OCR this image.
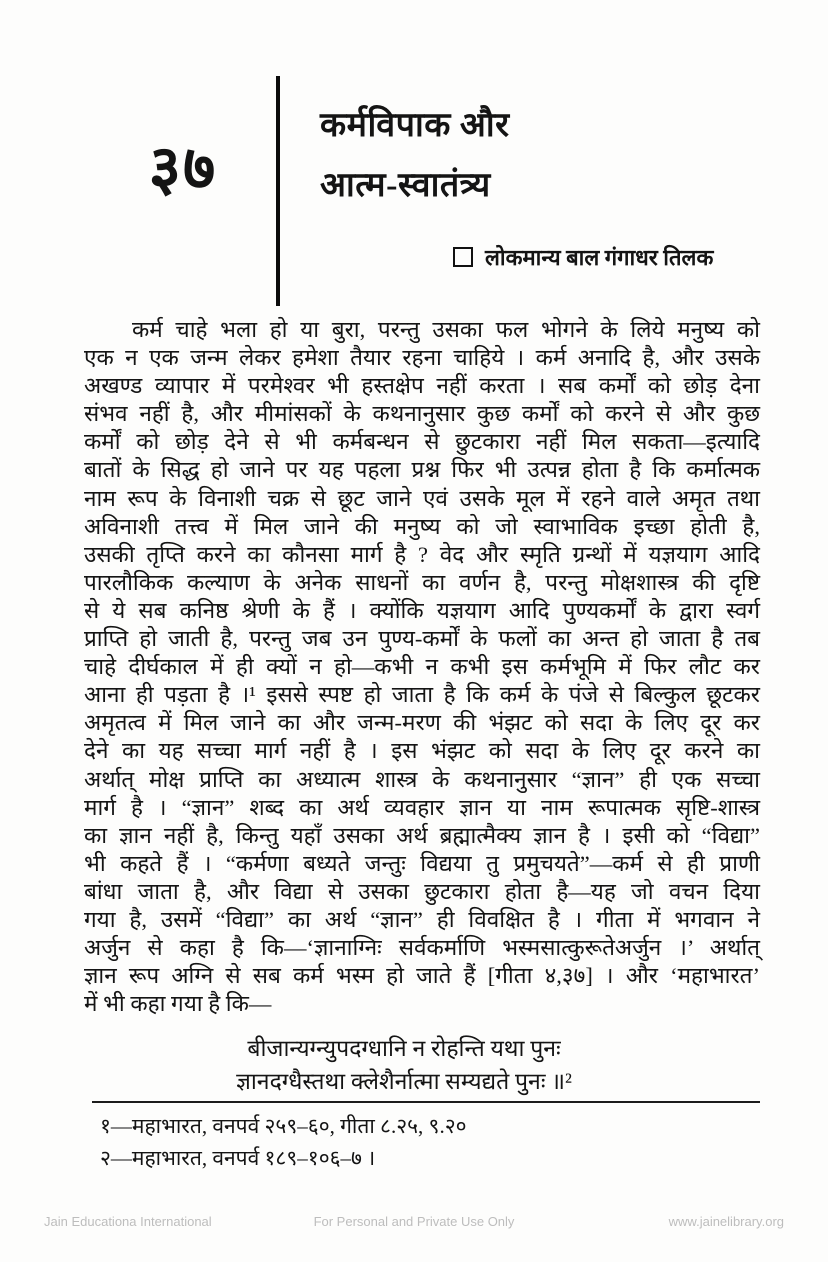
३७
कर्मविपाक और
आत्म-स्वातंत्र्य
लोकमान्य बाल गंगाधर तिलक
कर्म चाहे भला हो या बुरा, परन्तु उसका फल भोगने के लिये मनुष्य को
एक न एक जन्म लेकर हमेशा तैयार रहना चाहिये । कर्म अनादि है, और उसके
अखण्ड व्यापार में परमेश्वर भी हस्तक्षेप नहीं करता । सब कर्मों को छोड़ देना
संभव नहीं है, और मीमांसकों के कथनानुसार कुछ कर्मों को करने से और कुछ
कर्मों को छोड़ देने से भी कर्मबन्धन से छुटकारा नहीं मिल सकता—इत्यादि
बातों के सिद्ध हो जाने पर यह पहला प्रश्न फिर भी उत्पन्न होता है कि कर्मात्मक
नाम रूप के विनाशी चक्र से छूट जाने एवं उसके मूल में रहने वाले अमृत तथा
अविनाशी तत्त्व में मिल जाने की मनुष्य को जो स्वाभाविक इच्छा होती है,
उसकी तृप्ति करने का कौनसा मार्ग है ? वेद और स्मृति ग्रन्थों में यज्ञयाग आदि
पारलौकिक कल्याण के अनेक साधनों का वर्णन है, परन्तु मोक्षशास्त्र की दृष्टि
से ये सब कनिष्ठ श्रेणी के हैं । क्योंकि यज्ञयाग आदि पुण्यकर्मों के द्वारा स्वर्ग
प्राप्ति हो जाती है, परन्तु जब उन पुण्य-कर्मों के फलों का अन्त हो जाता है तब
चाहे दीर्घकाल में ही क्यों न हो—कभी न कभी इस कर्मभूमि में फिर लौट कर
आना ही पड़ता है ।¹ इससे स्पष्ट हो जाता है कि कर्म के पंजे से बिल्कुल छूटकर
अमृतत्व में मिल जाने का और जन्म-मरण की भंझट को सदा के लिए दूर कर
देने का यह सच्चा मार्ग नहीं है । इस भंझट को सदा के लिए दूर करने का
अर्थात् मोक्ष प्राप्ति का अध्यात्म शास्त्र के कथनानुसार “ज्ञान” ही एक सच्चा
मार्ग है । “ज्ञान” शब्द का अर्थ व्यवहार ज्ञान या नाम रूपात्मक सृष्टि-शास्त्र
का ज्ञान नहीं है, किन्तु यहाँ उसका अर्थ ब्रह्मात्मैक्य ज्ञान है । इसी को “विद्या”
भी कहते हैं । “कर्मणा बध्यते जन्तुः विद्यया तु प्रमुचयते”—कर्म से ही प्राणी
बांधा जाता है, और विद्या से उसका छुटकारा होता है—यह जो वचन दिया
गया है, उसमें “विद्या” का अर्थ “ज्ञान” ही विवक्षित है । गीता में भगवान ने
अर्जुन से कहा है कि—‘ज्ञानाग्निः सर्वकर्माणि भस्मसात्कुरूतेअर्जुन ।’ अर्थात्
ज्ञान रूप अग्नि से सब कर्म भस्म हो जाते हैं [गीता ४,३७] । और ‘महाभारत’
में भी कहा गया है कि—
बीजान्यग्न्युपदग्धानि न रोहन्ति यथा पुनः
ज्ञानदग्धैस्तथा क्लेशैर्नात्मा सम्यद्यते पुनः ॥²
१—महाभारत, वनपर्व २५९–६०, गीता ८.२५, ९.२०
२—महाभारत, वनपर्व १८९–१०६–७ ।
Jain Educationa International	For Personal and Private Use Only	www.jainelibrary.org
